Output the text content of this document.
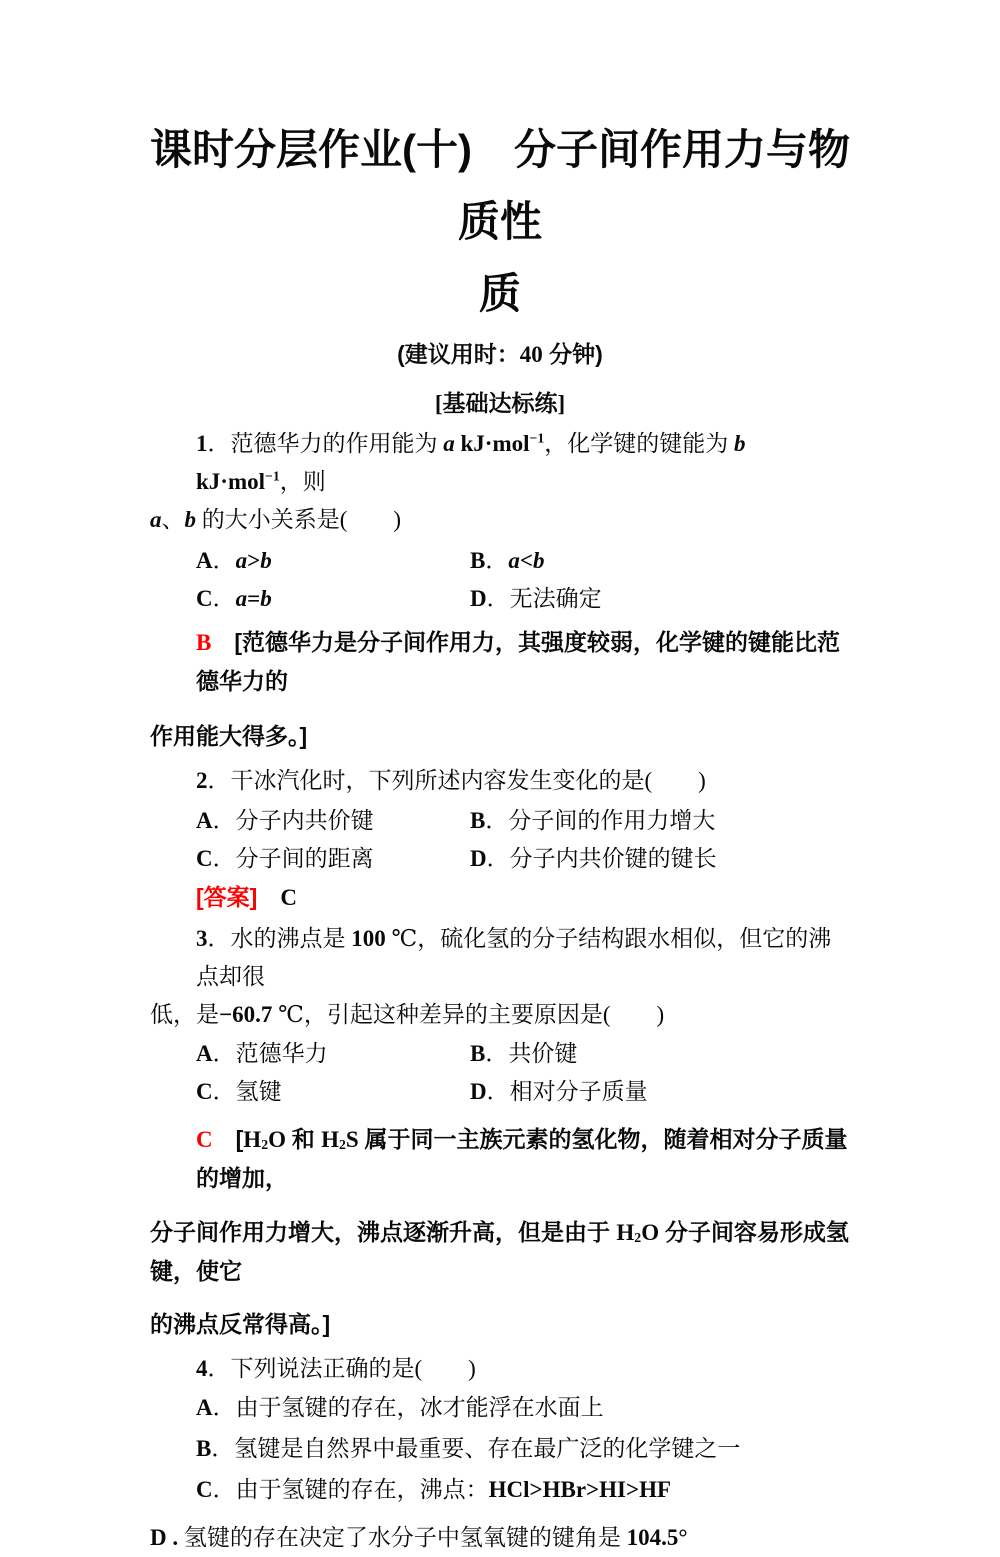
课时分层作业(十)　分子间作用力与物质性
质
(建议用时：40 分钟)
[基础达标练]
1．范德华力的作用能为 a kJ·mol$^{-1}$，化学键的键能为 b kJ·mol$^{-1}$，则
a、b 的大小关系是(　　)
A．a>b	B．a<b
C．a=b	D．无法确定
B　[范德华力是分子间作用力，其强度较弱，化学键的键能比范德华力的
作用能大得多。]
2．干冰汽化时，下列所述内容发生变化的是(　　)
A．分子内共价键	B．分子间的作用力增大
C．分子间的距离	D．分子内共价键的键长
[答案]　 C
3．水的沸点是 100 ℃，硫化氢的分子结构跟水相似，但它的沸点却很
低，是−60.7 ℃，引起这种差异的主要原因是(　　)
A．范德华力	B．共价键
C．氢键	D．相对分子质量
C　[H2O 和 H2S 属于同一主族元素的氢化物，随着相对分子质量的增加，
分子间作用力增大，沸点逐渐升高，但是由于 H2O 分子间容易形成氢键，使它
的沸点反常得高。]
4．下列说法正确的是(　　)
A．由于氢键的存在，冰才能浮在水面上
B．氢键是自然界中最重要、存在最广泛的化学键之一
C．由于氢键的存在，沸点：HCl>HBr>HI>HF
D . 氢键的存在决定了水分子中氢氧键的键角是 104.5°
